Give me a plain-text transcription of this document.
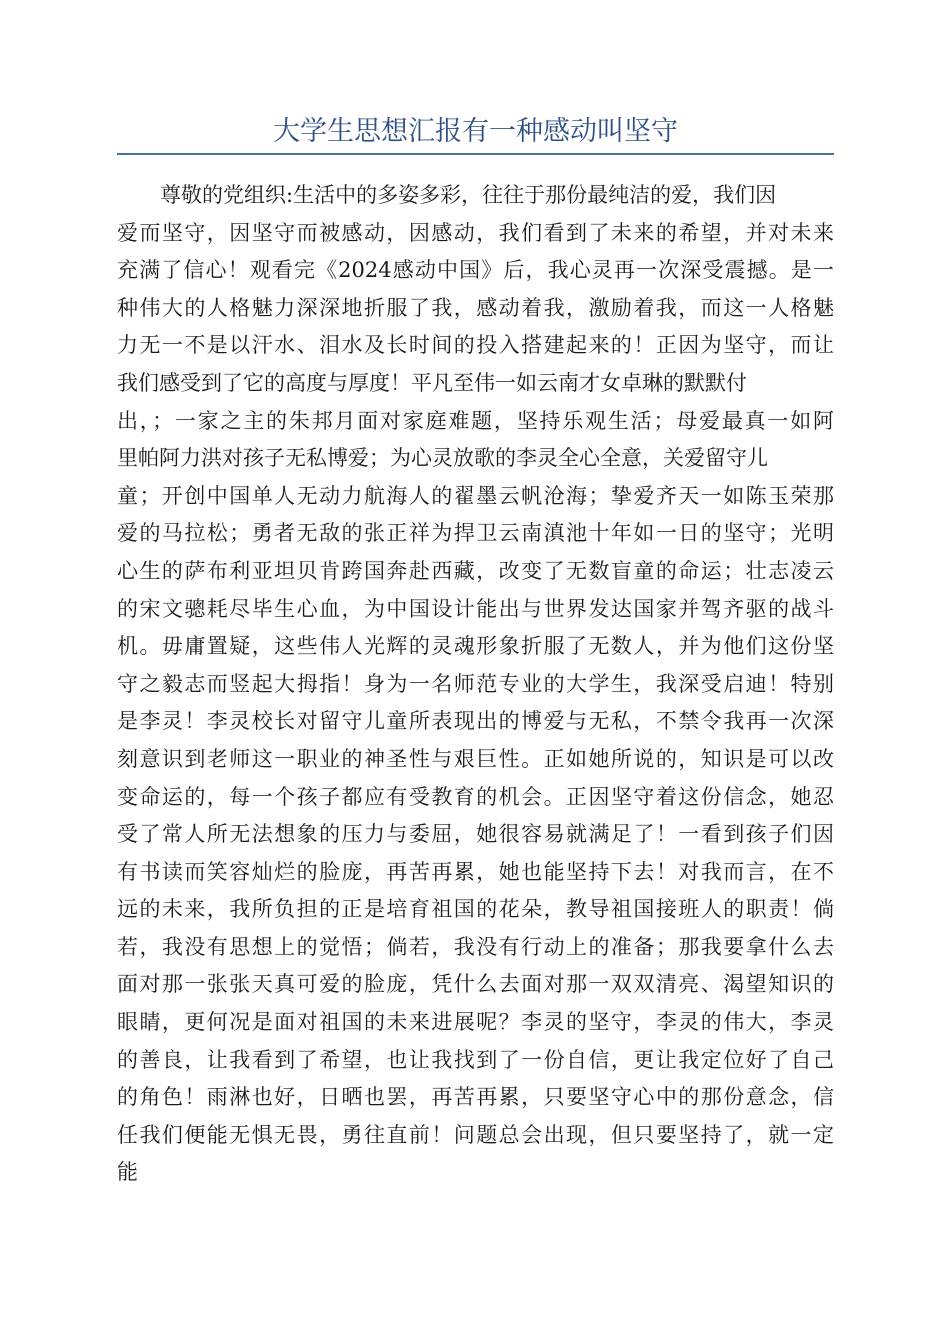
大学生思想汇报有一种感动叫坚守
尊敬的党组织:生活中的多姿多彩，往往于那份最纯洁的爱，我们因
爱而坚守，因坚守而被感动，因感动，我们看到了未来的希望，并对未来
充满了信心！观看完《2024感动中国》后，我心灵再一次深受震撼。是一
种伟大的人格魅力深深地折服了我，感动着我，激励着我，而这一人格魅
力无一不是以汗水、泪水及长时间的投入搭建起来的！正因为坚守，而让
我们感受到了它的高度与厚度！平凡至伟一如云南才女卓琳的默默付
出，；一家之主的朱邦月面对家庭难题，坚持乐观生活；母爱最真一如阿
里帕阿力洪对孩子无私博爱；为心灵放歌的李灵全心全意，关爱留守儿
童；开创中国单人无动力航海人的翟墨云帆沧海；挚爱齐天一如陈玉荣那
爱的马拉松；勇者无敌的张正祥为捍卫云南滇池十年如一日的坚守；光明
心生的萨布利亚坦贝肯跨国奔赴西藏，改变了无数盲童的命运；壮志凌云
的宋文骢耗尽毕生心血，为中国设计能出与世界发达国家并驾齐驱的战斗
机。毋庸置疑，这些伟人光辉的灵魂形象折服了无数人，并为他们这份坚
守之毅志而竖起大拇指！身为一名师范专业的大学生，我深受启迪！特别
是李灵！李灵校长对留守儿童所表现出的博爱与无私，不禁令我再一次深
刻意识到老师这一职业的神圣性与艰巨性。正如她所说的，知识是可以改
变命运的，每一个孩子都应有受教育的机会。正因坚守着这份信念，她忍
受了常人所无法想象的压力与委屈，她很容易就满足了！一看到孩子们因
有书读而笑容灿烂的脸庞，再苦再累，她也能坚持下去！对我而言，在不
远的未来，我所负担的正是培育祖国的花朵，教导祖国接班人的职责！倘
若，我没有思想上的觉悟；倘若，我没有行动上的准备；那我要拿什么去
面对那一张张天真可爱的脸庞，凭什么去面对那一双双清亮、渴望知识的
眼睛，更何况是面对祖国的未来进展呢？李灵的坚守，李灵的伟大，李灵
的善良，让我看到了希望，也让我找到了一份自信，更让我定位好了自己
的角色！雨淋也好，日晒也罢，再苦再累，只要坚守心中的那份意念，信
任我们便能无惧无畏，勇往直前！问题总会出现，但只要坚持了，就一定
能
